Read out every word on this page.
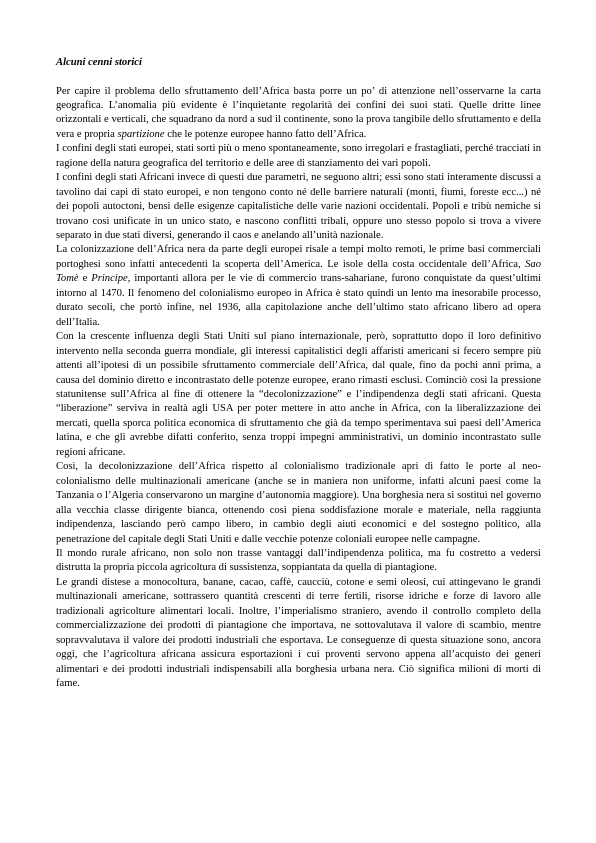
Alcuni cenni storici

Per capire il problema dello sfruttamento dell’Africa basta porre un po’ di attenzione nell’osservarne la carta geografica. L’anomalia più evidente è l’inquietante regolarità dei confini dei suoi stati. Quelle dritte linee orizzontali e verticali, che squadrano da nord a sud il continente, sono la prova tangibile dello sfruttamento e della vera e propria spartizione che le potenze europee hanno fatto dell’Africa.

I confini degli stati europei, stati sorti più o meno spontaneamente, sono irregolari e frastagliati, perché tracciati in ragione della natura geografica del territorio e delle aree di stanziamento dei vari popoli.

I confini degli stati Africani invece di questi due parametri, ne seguono altri; essi sono stati interamente discussi a tavolino dai capi di stato europei, e non tengono conto né delle barriere naturali (monti, fiumi, foreste ecc...) né dei popoli autoctoni, bensì delle esigenze capitalistiche delle varie nazioni occidentali. Popoli e tribù nemiche si trovano così unificate in un unico stato, e nascono conflitti tribali, oppure uno stesso popolo si trova a vivere separato in due stati diversi, generando il caos e anelando all’unità nazionale.

La colonizzazione dell’Africa nera da parte degli europei risale a tempi molto remoti, le prime basi commerciali portoghesi sono infatti antecedenti la scoperta dell’America. Le isole della costa occidentale dell’Africa, Sao Tomè e Principe, importanti allora per le vie di commercio trans-sahariane, furono conquistate da quest’ultimi intorno al 1470. Il fenomeno del colonialismo europeo in Africa è stato quindi un lento ma inesorabile processo, durato secoli, che portò infine, nel 1936, alla capitolazione anche dell’ultimo stato africano libero ad opera dell’Italia.

Con la crescente influenza degli Stati Uniti sul piano internazionale, però, soprattutto dopo il loro definitivo intervento nella seconda guerra mondiale, gli interessi capitalistici degli affaristi americani si fecero sempre più attenti all’ipotesi di un possibile sfruttamento commerciale dell’Africa, dal quale, fino da pochi anni prima, a causa del dominio diretto e incontrastato delle potenze europee, erano rimasti esclusi. Cominciò così la pressione statunitense sull’Africa al fine di ottenere la “decolonizzazione” e l’indipendenza degli stati africani. Questa “liberazione” serviva in realtà agli USA per poter mettere in atto anche in Africa, con la liberalizzazione dei mercati, quella sporca politica economica di sfruttamento che già da tempo sperimentava sui paesi dell’America latina, e che gli avrebbe difatti conferito, senza troppi impegni amministrativi, un dominio incontrastato sulle regioni africane.

Così, la decolonizzazione dell’Africa rispetto al colonialismo tradizionale aprì di fatto le porte al neo-colonialismo delle multinazionali americane (anche se in maniera non uniforme, infatti alcuni paesi come la Tanzania o l’Algeria conservarono un margine d’autonomia maggiore). Una borghesia nera si sostituì nel governo alla vecchia classe dirigente bianca, ottenendo così piena soddisfazione morale e materiale, nella raggiunta indipendenza, lasciando però campo libero, in cambio degli aiuti economici e del sostegno politico, alla penetrazione del capitale degli Stati Uniti e dalle vecchie potenze coloniali europee nelle campagne.

Il mondo rurale africano, non solo non trasse vantaggi dall’indipendenza politica, ma fu costretto a vedersi distrutta la propria piccola agricoltura di sussistenza, soppiantata da quella di piantagione.

Le grandi distese a monocoltura, banane, cacao, caffè, caucciù, cotone e semi oleosi, cui attingevano le grandi multinazionali americane, sottrassero quantità crescenti di terre fertili, risorse idriche e forze di lavoro alle tradizionali agricolture alimentari locali. Inoltre, l’imperialismo straniero, avendo il controllo completo della commercializzazione dei prodotti di piantagione che importava, ne sottovalutava il valore di scambio, mentre sopravvalutava il valore dei prodotti industriali che esportava. Le conseguenze di questa situazione sono, ancora oggi, che l’agricoltura africana assicura esportazioni i cui proventi servono appena all’acquisto dei generi alimentari e dei prodotti industriali indispensabili alla borghesia urbana nera. Ciò significa milioni di morti di fame.
